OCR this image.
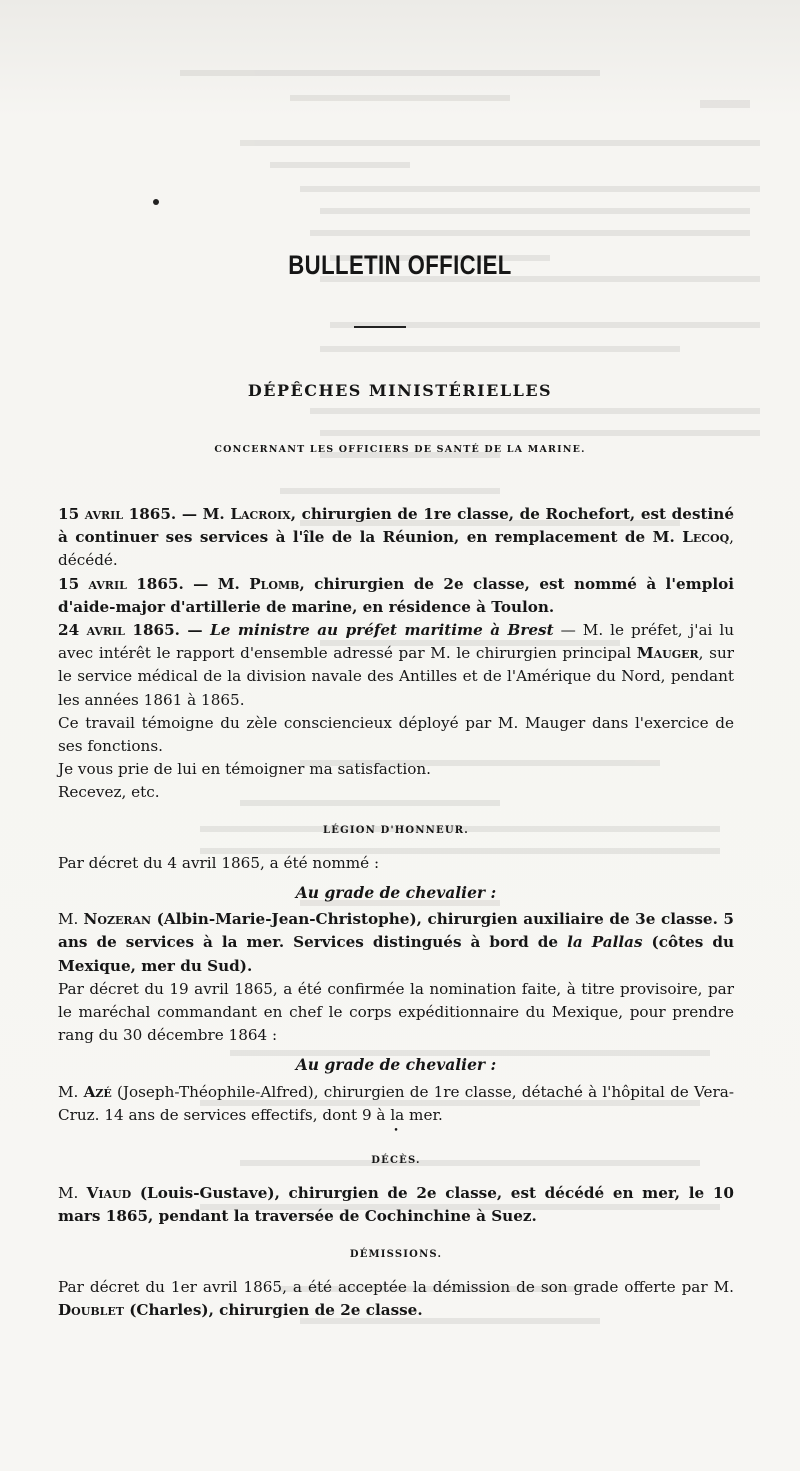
BULLETIN OFFICIEL
DÉPÊCHES MINISTÉRIELLES
CONCERNANT LES OFFICIERS DE SANTÉ DE LA MARINE.

15 avril 1865. — M. Lacroix, chirurgien de 1re classe, de Rochefort, est destiné à continuer ses services à l'île de la Réunion, en remplacement de M. Lecoq, décédé.

15 avril 1865. — M. Plomb, chirurgien de 2e classe, est nommé à l'emploi d'aide-major d'artillerie de marine, en résidence à Toulon.

24 avril 1865. — Le ministre au préfet maritime à Brest — M. le préfet, j'ai lu avec intérêt le rapport d'ensemble adressé par M. le chirurgien principal Mauger, sur le service médical de la division navale des Antilles et de l'Amérique du Nord, pendant les années 1861 à 1865.

Ce travail témoigne du zèle consciencieux déployé par M. Mauger dans l'exercice de ses fonctions.

Je vous prie de lui en témoigner ma satisfaction.

Recevez, etc.

LÉGION D'HONNEUR.

Par décret du 4 avril 1865, a été nommé :

Au grade de chevalier :

M. Nozeran (Albin-Marie-Jean-Christophe), chirurgien auxiliaire de 3e classe. 5 ans de services à la mer. Services distingués à bord de la Pallas (côtes du Mexique, mer du Sud).

Par décret du 19 avril 1865, a été confirmée la nomination faite, à titre provisoire, par le maréchal commandant en chef le corps expéditionnaire du Mexique, pour prendre rang du 30 décembre 1864 :

Au grade de chevalier :

M. Azé (Joseph-Théophile-Alfred), chirurgien de 1re classe, détaché à l'hôpital de Vera-Cruz. 14 ans de services effectifs, dont 9 à la mer.

•
DÉCÈS.

M. Viaud (Louis-Gustave), chirurgien de 2e classe, est décédé en mer, le 10 mars 1865, pendant la traversée de Cochinchine à Suez.

DÉMISSIONS.

Par décret du 1er avril 1865, a été acceptée la démission de son grade offerte par M. Doublet (Charles), chirurgien de 2e classe.
